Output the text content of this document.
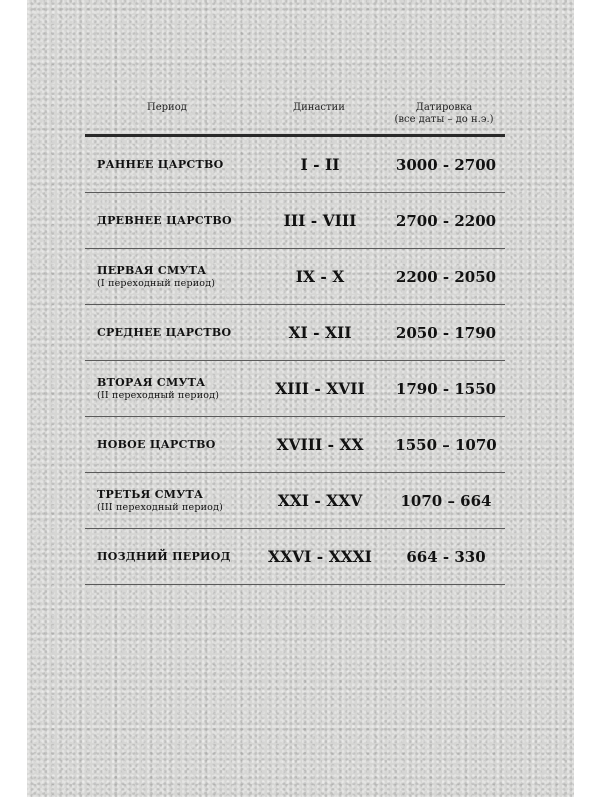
Период	Династии	Датировка
(все даты – до н.э.)
РАННЕЕ ЦАРСТВО	I - II	3000 - 2700
ДРЕВНЕЕ ЦАРСТВО	III - VIII	2700 - 2200
ПЕРВАЯ СМУТА
(I переходный период)	IX - X	2200 - 2050
СРЕДНЕЕ ЦАРСТВО	XI - XII	2050 - 1790
ВТОРАЯ СМУТА
(II переходный период)	XIII - XVII	1790 - 1550
НОВОЕ ЦАРСТВО	XVIII - XX	1550 – 1070
ТРЕТЬЯ СМУТА
(III переходный период)	XXI - XXV	1070 – 664
ПОЗДНИЙ ПЕРИОД	XXVI - XXXI	664 - 330
